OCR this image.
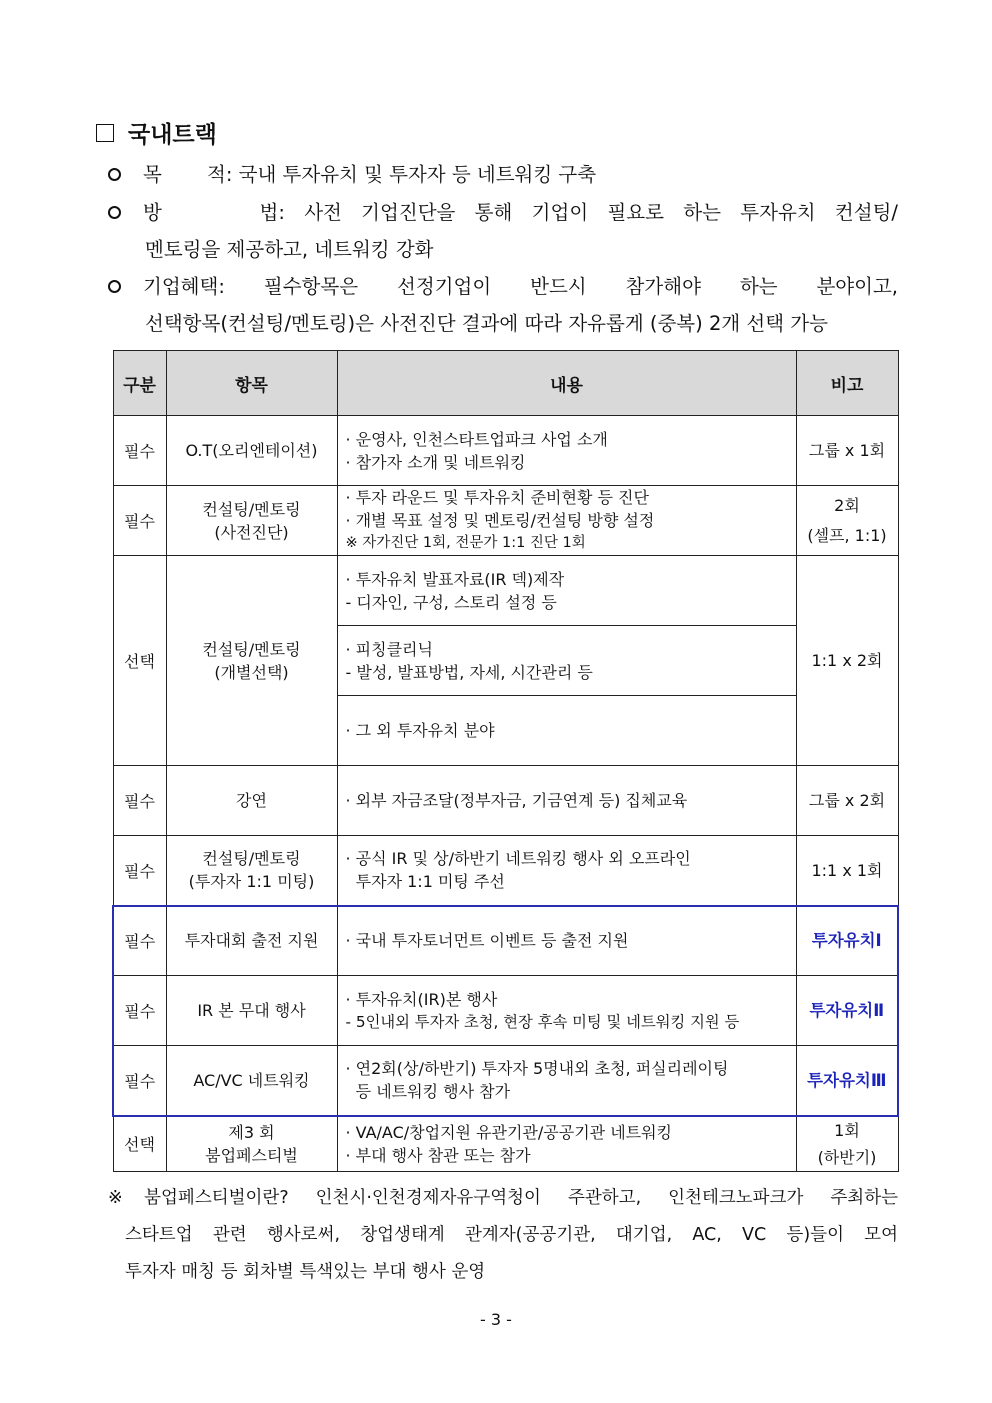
국내트랙
목　　 적: 국내 투자유치 및 투자자 등 네트워킹 구축
방　　 법: 사전 기업진단을 통해 기업이 필요로 하는 투자유치 컨설팅/
멘토링을 제공하고, 네트워킹 강화
기업혜택: 필수항목은 선정기업이 반드시 참가해야 하는 분야이고,
선택항목(컨설팅/멘토링)은 사전진단 결과에 따라 자유롭게 (중복) 2개 선택 가능
구분	항목	내용	비고
필수	O.T(오리엔테이션)	· 운영사, 인천스타트업파크 사업 소개
· 참가자 소개 및 네트워킹	그룹 x 1회

필수	컨설팅/멘토링
(사전진단)	· 투자 라운드 및 투자유치 준비현황 등 진단
· 개별 목표 설정 및 멘토링/컨설팅 방향 설정
※ 자가진단 1회, 전문가 1:1 진단 1회	2회
(셀프, 1:1)

선택	컨설팅/멘토링
(개별선택)	· 투자유치 발표자료(IR 덱)제작
- 디자인, 구성, 스토리 설정 등	1:1 x 2회

		· 피칭클리닉
- 발성, 발표방법, 자세, 시간관리 등	

		· 그 외 투자유치 분야	

필수	강연	· 외부 자금조달(정부자금, 기금연계 등) 집체교육	그룹 x 2회

필수	컨설팅/멘토링
(투자자 1:1 미팅)	· 공식 IR 및 상/하반기 네트워킹 행사 외 오프라인
투자자 1:1 미팅 주선	1:1 x 1회

필수	투자대회 출전 지원	· 국내 투자토너먼트 이벤트 등 출전 지원	투자유치Ⅰ

필수	IR 본 무대 행사	· 투자유치(IR)본 행사
- 5인내외 투자자 초청, 현장 후속 미팅 및 네트워킹 지원 등	투자유치Ⅱ

필수	AC/VC 네트워킹	· 연2회(상/하반기) 투자자 5명내외 초청, 퍼실리레이팅
등 네트워킹 행사 참가	투자유치Ⅲ

선택	제3 회
붐업페스티벌	· VA/AC/창업지원 유관기관/공공기관 네트워킹
· 부대 행사 참관 또는 참가	1회
(하반기)
※붐업페스티벌이란? 인천시·인천경제자유구역청이 주관하고, 인천테크노파크가 주최하는
스타트업 관련 행사로써, 창업생태계 관계자(공공기관, 대기업, AC, VC 등)들이 모여
투자자 매칭 등 회차별 특색있는 부대 행사 운영
- 3 -
